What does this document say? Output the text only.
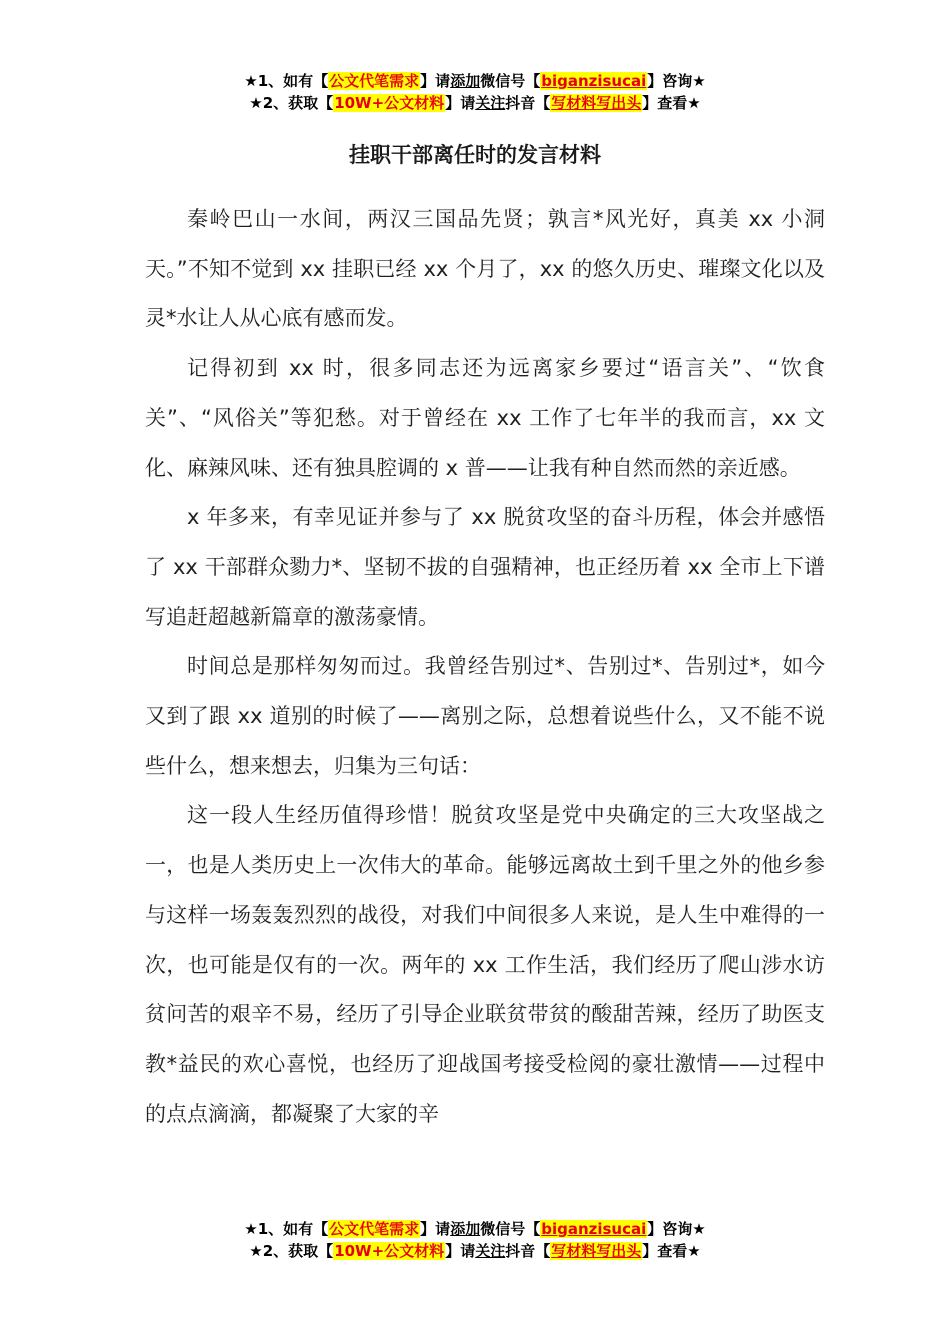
★1、如有【公文代笔需求】请添加微信号【biganzisucai】咨询★
★2、获取【10W+公文材料】请关注抖音【写材料写出头】查看★
挂职干部离任时的发言材料

秦岭巴山一水间，两汉三国品先贤；孰言*风光好，真美 xx 小洞天。”不知不觉到 xx 挂职已经 xx 个月了，xx 的悠久历史、璀璨文化以及灵*水让人从心底有感而发。

记得初到 xx 时，很多同志还为远离家乡要过“语言关”、“饮食关”、“风俗关”等犯愁。对于曾经在 xx 工作了七年半的我而言，xx 文化、麻辣风味、还有独具腔调的 x 普——让我有种自然而然的亲近感。

x 年多来，有幸见证并参与了 xx 脱贫攻坚的奋斗历程，体会并感悟了 xx 干部群众勠力*、坚韧不拔的自强精神，也正经历着 xx 全市上下谱写追赶超越新篇章的激荡豪情。

时间总是那样匆匆而过。我曾经告别过*、告别过*、告别过*，如今又到了跟 xx 道别的时候了——离别之际，总想着说些什么，又不能不说些什么，想来想去，归集为三句话：

这一段人生经历值得珍惜！脱贫攻坚是党中央确定的三大攻坚战之一，也是人类历史上一次伟大的革命。能够远离故土到千里之外的他乡参与这样一场轰轰烈烈的战役，对我们中间很多人来说，是人生中难得的一次，也可能是仅有的一次。两年的 xx 工作生活，我们经历了爬山涉水访贫问苦的艰辛不易，经历了引导企业联贫带贫的酸甜苦辣，经历了助医支教*益民的欢心喜悦，也经历了迎战国考接受检阅的豪壮激情——过程中的点点滴滴，都凝聚了大家的辛

★1、如有【公文代笔需求】请添加微信号【biganzisucai】咨询★
★2、获取【10W+公文材料】请关注抖音【写材料写出头】查看★
